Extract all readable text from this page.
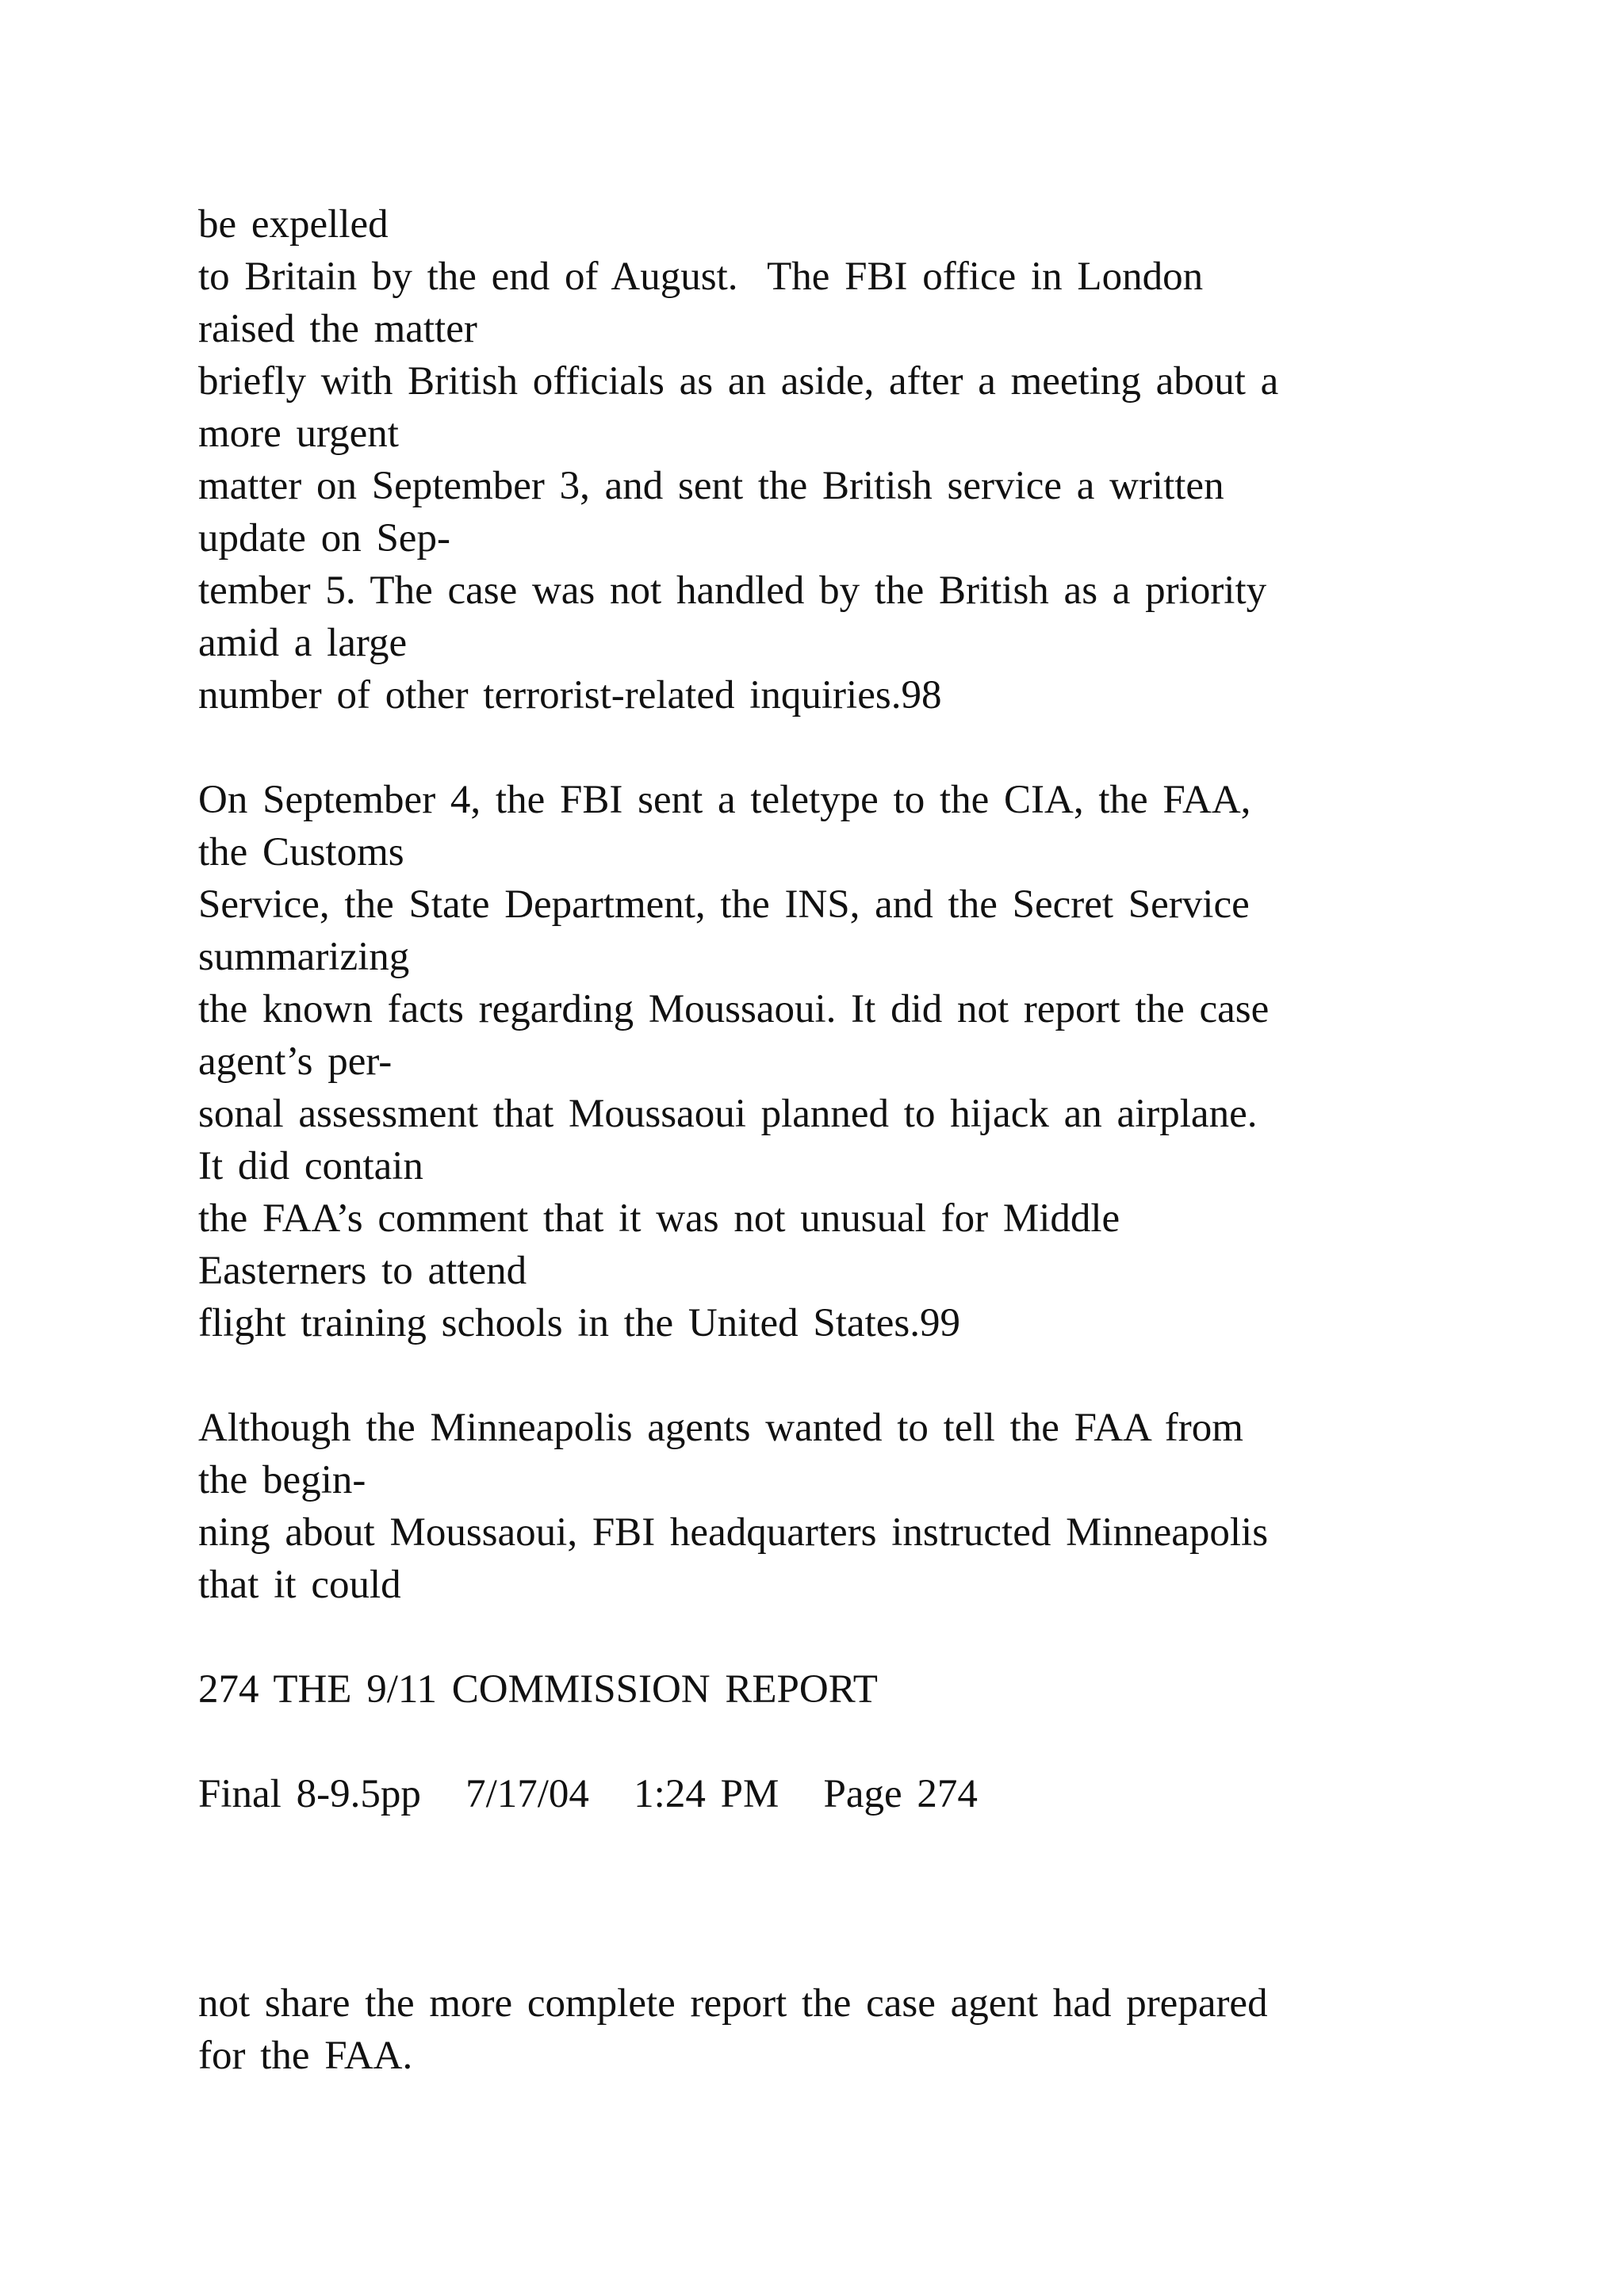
be expelled
to Britain by the end of August.  The FBI office in London
raised the matter
briefly with British officials as an aside, after a meeting about a
more urgent
matter on September 3, and sent the British service a written
update on Sep-
tember 5. The case was not handled by the British as a priority
amid a large
number of other terrorist-related inquiries.98

On September 4, the FBI sent a teletype to the CIA, the FAA,
the Customs
Service, the State Department, the INS, and the Secret Service
summarizing
the known facts regarding Moussaoui. It did not report the case
agent’s per-
sonal assessment that Moussaoui planned to hijack an airplane.
It did contain
the FAA’s comment that it was not unusual for Middle
Easterners to attend
flight training schools in the United States.99

Although the Minneapolis agents wanted to tell the FAA from
the begin-
ning about Moussaoui, FBI headquarters instructed Minneapolis
that it could

274 THE 9/11 COMMISSION REPORT

Final 8-9.5pp   7/17/04   1:24 PM   Page 274

not share the more complete report the case agent had prepared
for the FAA.
